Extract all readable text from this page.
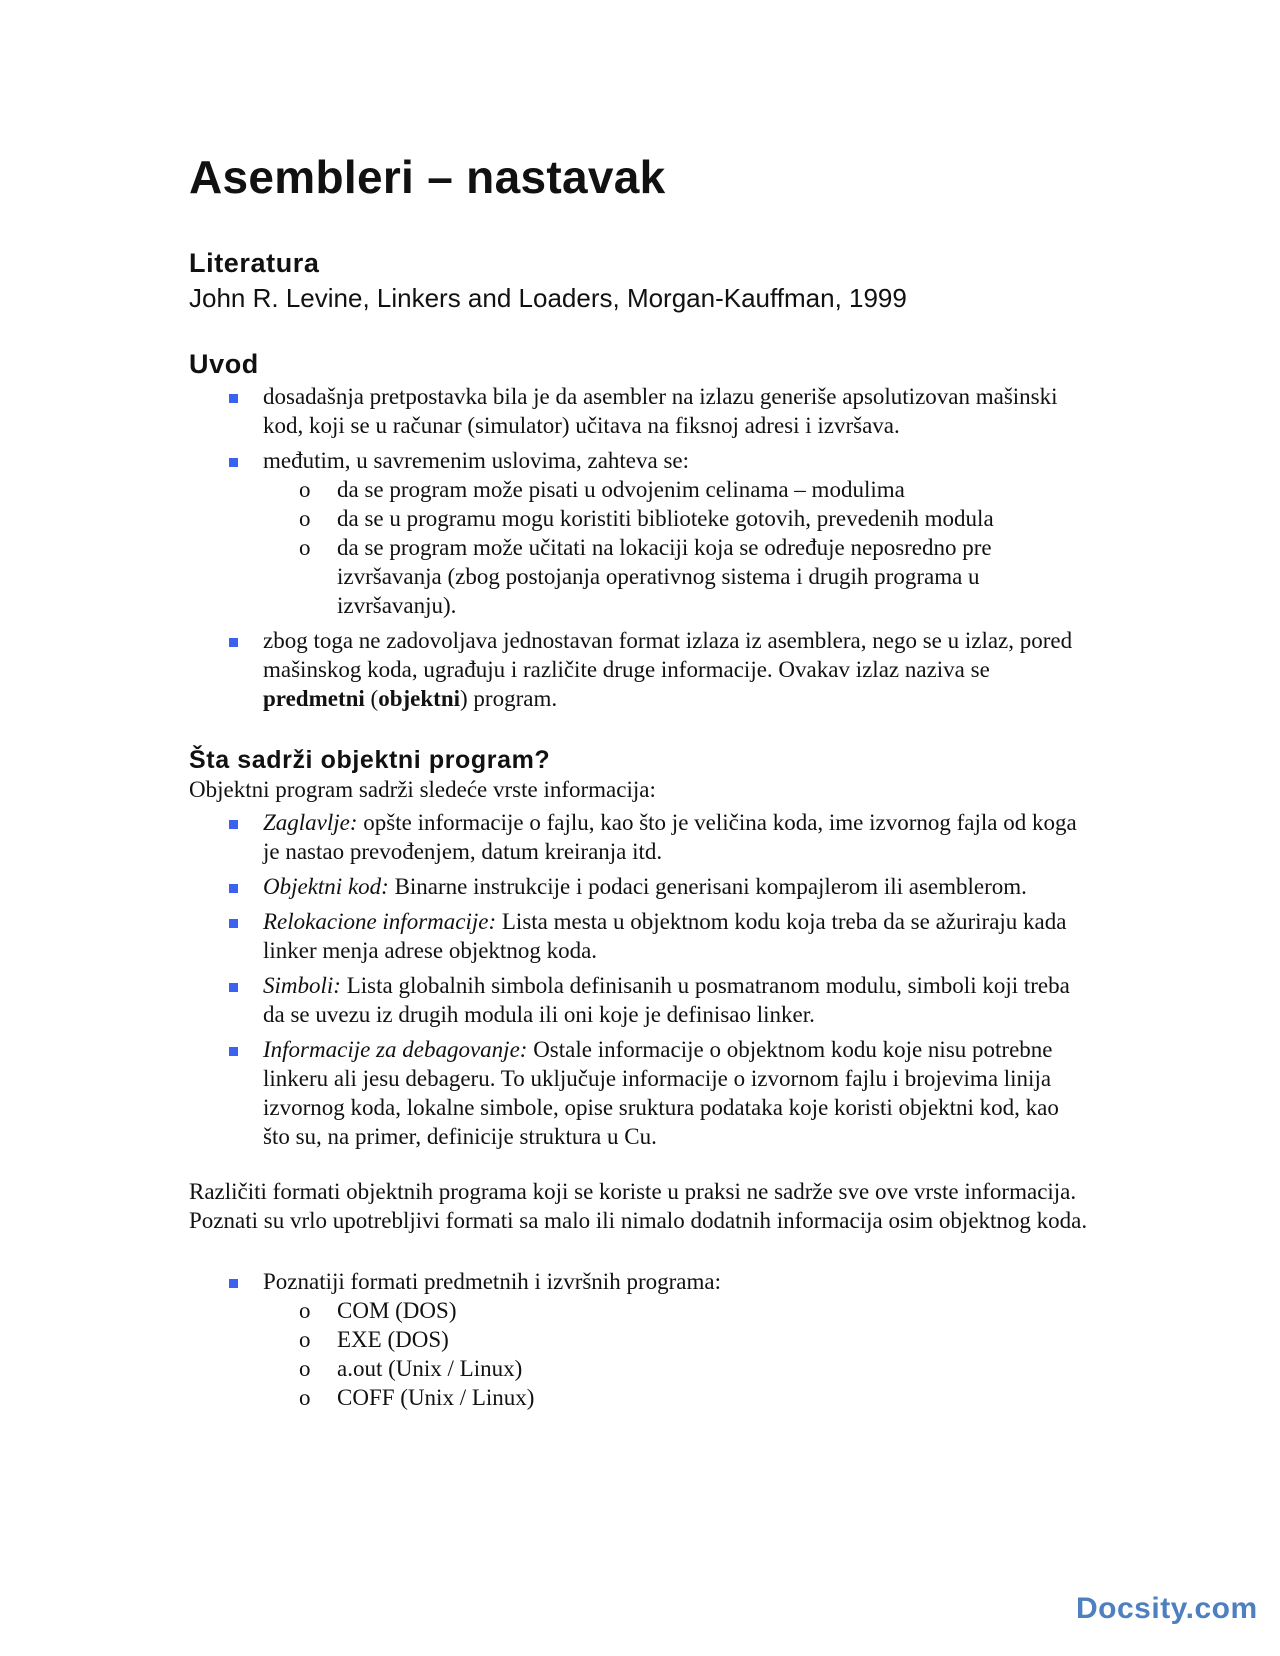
Asembleri – nastavak
Literatura

John R. Levine, Linkers and Loaders, Morgan-Kauffman, 1999

Uvod
dosadašnja pretpostavka bila je da asembler na izlazu generiše apsolutizovan mašinski kod, koji se u računar (simulator) učitava na fiksnoj adresi i izvršava.
međutim, u savremenim uslovima, zahteva se:
o da se program može pisati u odvojenim celinama – modulima
o da se u programu mogu koristiti biblioteke gotovih, prevedenih modula
o da se program može učitati na lokaciji koja se određuje neposredno pre izvršavanja (zbog postojanja operativnog sistema i drugih programa u izvršavanju).
zbog toga ne zadovoljava jednostavan format izlaza iz asemblera, nego se u izlaz, pored mašinskog koda, ugrađuju i različite druge informacije. Ovakav izlaz naziva se predmetni (objektni) program.
Šta sadrži objektni program?
Objektni program sadrži sledeće vrste informacija:
Zaglavlje: opšte informacije o fajlu, kao što je veličina koda, ime izvornog fajla od koga je nastao prevođenjem, datum kreiranja itd.
Objektni kod: Binarne instrukcije i podaci generisani kompajlerom ili asemblerom.
Relokacione informacije: Lista mesta u objektnom kodu koja treba da se ažuriraju kada linker menja adrese objektnog koda.
Simboli: Lista globalnih simbola definisanih u posmatranom modulu, simboli koji treba da se uvezu iz drugih modula ili oni koje je definisao linker.
Informacije za debagovanje: Ostale informacije o objektnom kodu koje nisu potrebne linkeru ali jesu debageru. To uključuje informacije o izvornom fajlu i brojevima linija izvornog koda, lokalne simbole, opise sruktura podataka koje koristi objektni kod, kao što su, na primer, definicije struktura u Cu.

Različiti formati objektnih programa koji se koriste u praksi ne sadrže sve ove vrste informacija. Poznati su vrlo upotrebljivi formati sa malo ili nimalo dodatnih informacija osim objektnog koda.

Poznatiji formati predmetnih i izvršnih programa:
o COM (DOS)
o EXE (DOS)
o a.out (Unix / Linux)
o COFF (Unix / Linux)
Docsity.com
